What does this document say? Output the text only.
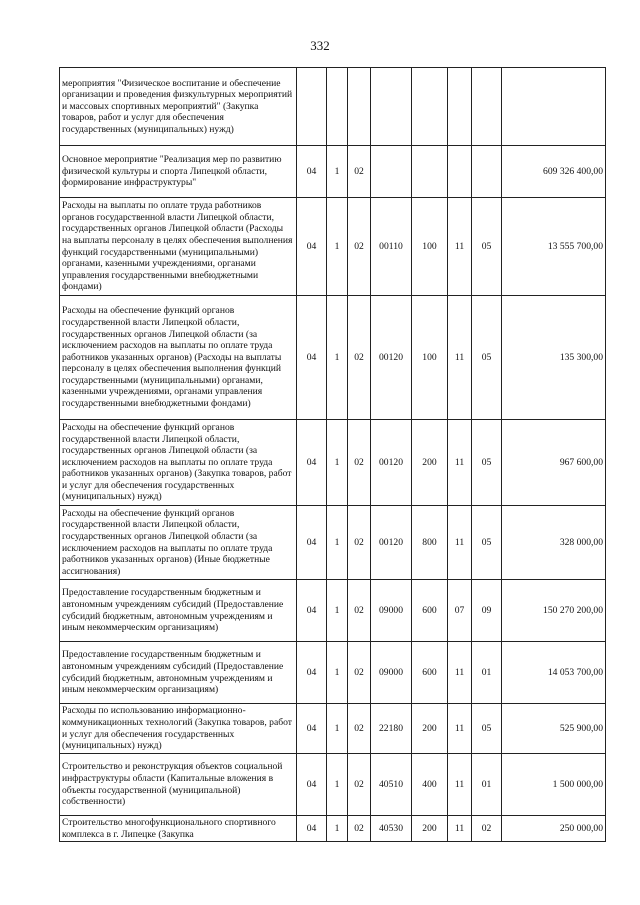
332
мероприятия "Физическое воспитание и обеспечение организации и проведения физкультурных мероприятий и массовых спортивных мероприятий" (Закупка товаров, работ и услуг для обеспечения государственных (муниципальных) нужд)								
Основное мероприятие "Реализация мер по развитию физической культуры и спорта Липецкой области, формирование инфраструктуры"	04	1	02					609 326 400,00
Расходы на выплаты по оплате труда работников органов государственной власти Липецкой области, государственных органов Липецкой области (Расходы на выплаты персоналу в целях обеспечения выполнения функций государственными (муниципальными) органами, казенными учреждениями, органами управления государственными внебюджетными фондами)	04	1	02	00110	100	11	05	13 555 700,00
Расходы на обеспечение функций органов государственной власти Липецкой области, государственных органов Липецкой области (за исключением расходов на выплаты по оплате труда работников указанных органов) (Расходы на выплаты персоналу в целях обеспечения выполнения функций государственными (муниципальными) органами, казенными учреждениями, органами управления государственными внебюджетными фондами)	04	1	02	00120	100	11	05	135 300,00
Расходы на обеспечение функций органов государственной власти Липецкой области, государственных органов Липецкой области (за исключением расходов на выплаты по оплате труда работников указанных органов) (Закупка товаров, работ и услуг для обеспечения государственных (муниципальных) нужд)	04	1	02	00120	200	11	05	967 600,00
Расходы на обеспечение функций органов государственной власти Липецкой области, государственных органов Липецкой области (за исключением расходов на выплаты по оплате труда работников указанных органов) (Иные бюджетные ассигнования)	04	1	02	00120	800	11	05	328 000,00
Предоставление государственным бюджетным и автономным учреждениям субсидий (Предоставление субсидий бюджетным, автономным учреждениям и иным некоммерческим организациям)	04	1	02	09000	600	07	09	150 270 200,00
Предоставление государственным бюджетным и автономным учреждениям субсидий (Предоставление субсидий бюджетным, автономным учреждениям и иным некоммерческим организациям)	04	1	02	09000	600	11	01	14 053 700,00
Расходы по использованию информационно-коммуникационных технологий (Закупка товаров, работ и услуг для обеспечения государственных (муниципальных) нужд)	04	1	02	22180	200	11	05	525 900,00
Строительство и реконструкция объектов социальной инфраструктуры области (Капитальные вложения в объекты государственной (муниципальной) собственности)	04	1	02	40510	400	11	01	1 500 000,00
Строительство многофункционального спортивного комплекса в г. Липецке (Закупка	04	1	02	40530	200	11	02	250 000,00
